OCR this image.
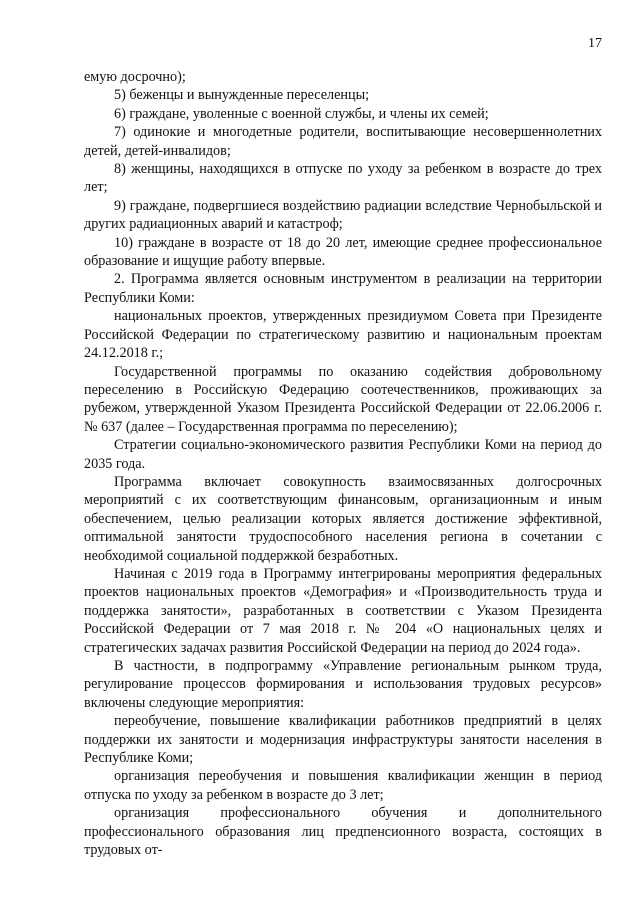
17

емую досрочно);

5) беженцы и вынужденные переселенцы;

6) граждане, уволенные с военной службы, и члены их семей;

7) одинокие и многодетные родители, воспитывающие несовершеннолетних детей, детей-инвалидов;

8) женщины, находящихся в отпуске по уходу за ребенком в возрасте до трех лет;

9) граждане, подвергшиеся воздействию радиации вследствие Чернобыльской и других радиационных аварий и катастроф;

10) граждане в возрасте от 18 до 20 лет, имеющие среднее профессиональное образование и ищущие работу впервые.

2. Программа является основным инструментом в реализации на территории Республики Коми:

национальных проектов, утвержденных президиумом Совета при Президенте Российской Федерации по стратегическому развитию и национальным проектам 24.12.2018 г.;

Государственной программы по оказанию содействия добровольному переселению в Российскую Федерацию соотечественников, проживающих за рубежом, утвержденной Указом Президента Российской Федерации от 22.06.2006 г. № 637 (далее – Государственная программа по переселению);

Стратегии социально-экономического развития Республики Коми на период до 2035 года.

Программа включает совокупность взаимосвязанных долгосрочных мероприятий с их соответствующим финансовым, организационным и иным обеспечением, целью реализации которых является достижение эффективной, оптимальной занятости трудоспособного населения региона в сочетании с необходимой социальной поддержкой безработных.

Начиная с 2019 года в Программу интегрированы мероприятия федеральных проектов национальных проектов «Демография» и «Производительность труда и поддержка занятости», разработанных в соответствии с Указом Президента Российской Федерации от 7 мая 2018 г. № 204 «О национальных целях и стратегических задачах развития Российской Федерации на период до 2024 года».

В частности, в подпрограмму «Управление региональным рынком труда, регулирование процессов формирования и использования трудовых ресурсов» включены следующие мероприятия:

переобучение, повышение квалификации работников предприятий в целях поддержки их занятости и модернизация инфраструктуры занятости населения в Республике Коми;

организация переобучения и повышения квалификации женщин в период отпуска по уходу за ребенком в возрасте до 3 лет;

организация профессионального обучения и дополнительного профессионального образования лиц предпенсионного возраста, состоящих в трудовых от-
